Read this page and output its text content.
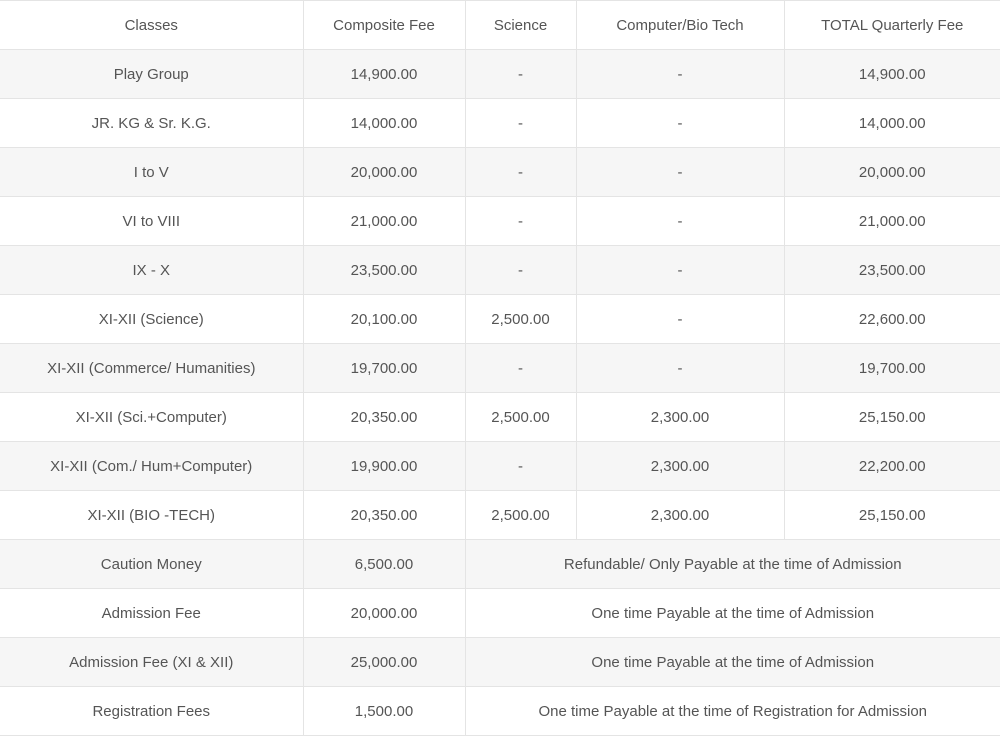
Classes	Composite Fee	Science	Computer/Bio Tech	TOTAL Quarterly Fee
Play Group	14,900.00	-	-	14,900.00
JR. KG & Sr. K.G.	14,000.00	-	-	14,000.00
I to V	20,000.00	-	-	20,000.00
VI to VIII	21,000.00	-	-	21,000.00
IX - X	23,500.00	-	-	23,500.00
XI-XII (Science)	20,100.00	2,500.00	-	22,600.00
XI-XII (Commerce/ Humanities)	19,700.00	-	-	19,700.00
XI-XII (Sci.+Computer)	20,350.00	2,500.00	2,300.00	25,150.00
XI-XII (Com./ Hum+Computer)	19,900.00	-	2,300.00	22,200.00
XI-XII (BIO -TECH)	20,350.00	2,500.00	2,300.00	25,150.00
Caution Money	6,500.00	Refundable/ Only Payable at the time of Admission		
Admission Fee	20,000.00	One time Payable at the time of Admission		
Admission Fee (XI & XII)	25,000.00	One time Payable at the time of Admission		
Registration Fees	1,500.00	One time Payable at the time of Registration for Admission		
